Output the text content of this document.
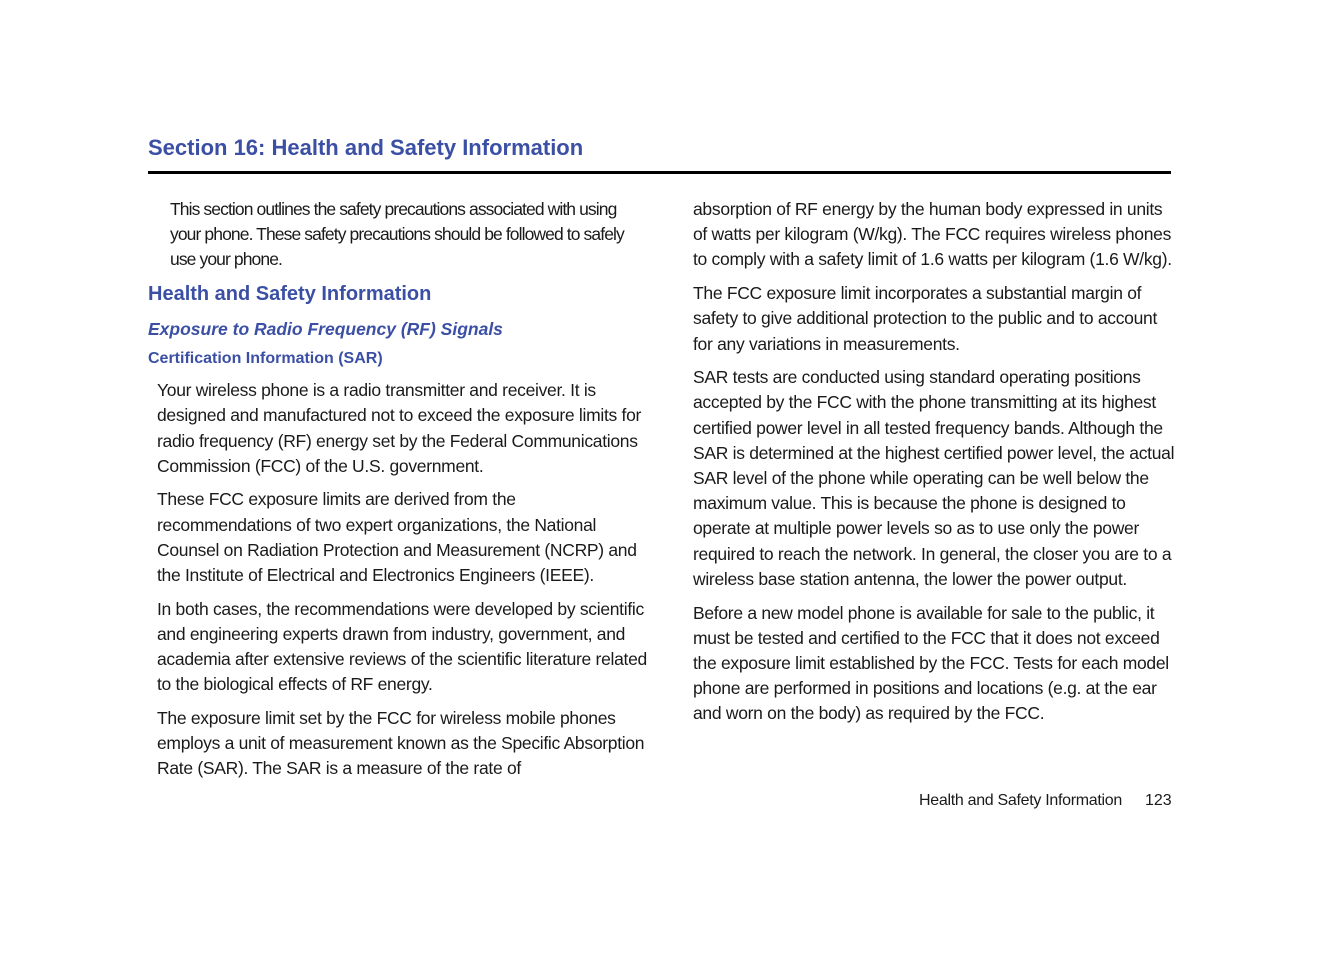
Section 16: Health and Safety Information

This section outlines the safety precautions associated with using your phone. These safety precautions should be followed to safely use your phone.

Health and Safety Information
Exposure to Radio Frequency (RF) Signals
Certification Information (SAR)

Your wireless phone is a radio transmitter and receiver. It is designed and manufactured not to exceed the exposure limits for radio frequency (RF) energy set by the Federal Communications Commission (FCC) of the U.S. government.

These FCC exposure limits are derived from the recommendations of two expert organizations, the National Counsel on Radiation Protection and Measurement (NCRP) and the Institute of Electrical and Electronics Engineers (IEEE).

In both cases, the recommendations were developed by scientific and engineering experts drawn from industry, government, and academia after extensive reviews of the scientific literature related to the biological effects of RF energy.

The exposure limit set by the FCC for wireless mobile phones employs a unit of measurement known as the Specific Absorption Rate (SAR). The SAR is a measure of the rate of

absorption of RF energy by the human body expressed in units of watts per kilogram (W/kg). The FCC requires wireless phones to comply with a safety limit of 1.6 watts per kilogram (1.6 W/kg).

The FCC exposure limit incorporates a substantial margin of safety to give additional protection to the public and to account for any variations in measurements.

SAR tests are conducted using standard operating positions accepted by the FCC with the phone transmitting at its highest certified power level in all tested frequency bands. Although the SAR is determined at the highest certified power level, the actual SAR level of the phone while operating can be well below the maximum value. This is because the phone is designed to operate at multiple power levels so as to use only the power required to reach the network. In general, the closer you are to a wireless base station antenna, the lower the power output.

Before a new model phone is available for sale to the public, it must be tested and certified to the FCC that it does not exceed the exposure limit established by the FCC. Tests for each model phone are performed in positions and locations (e.g. at the ear and worn on the body) as required by the FCC.

Health and Safety Information 123
